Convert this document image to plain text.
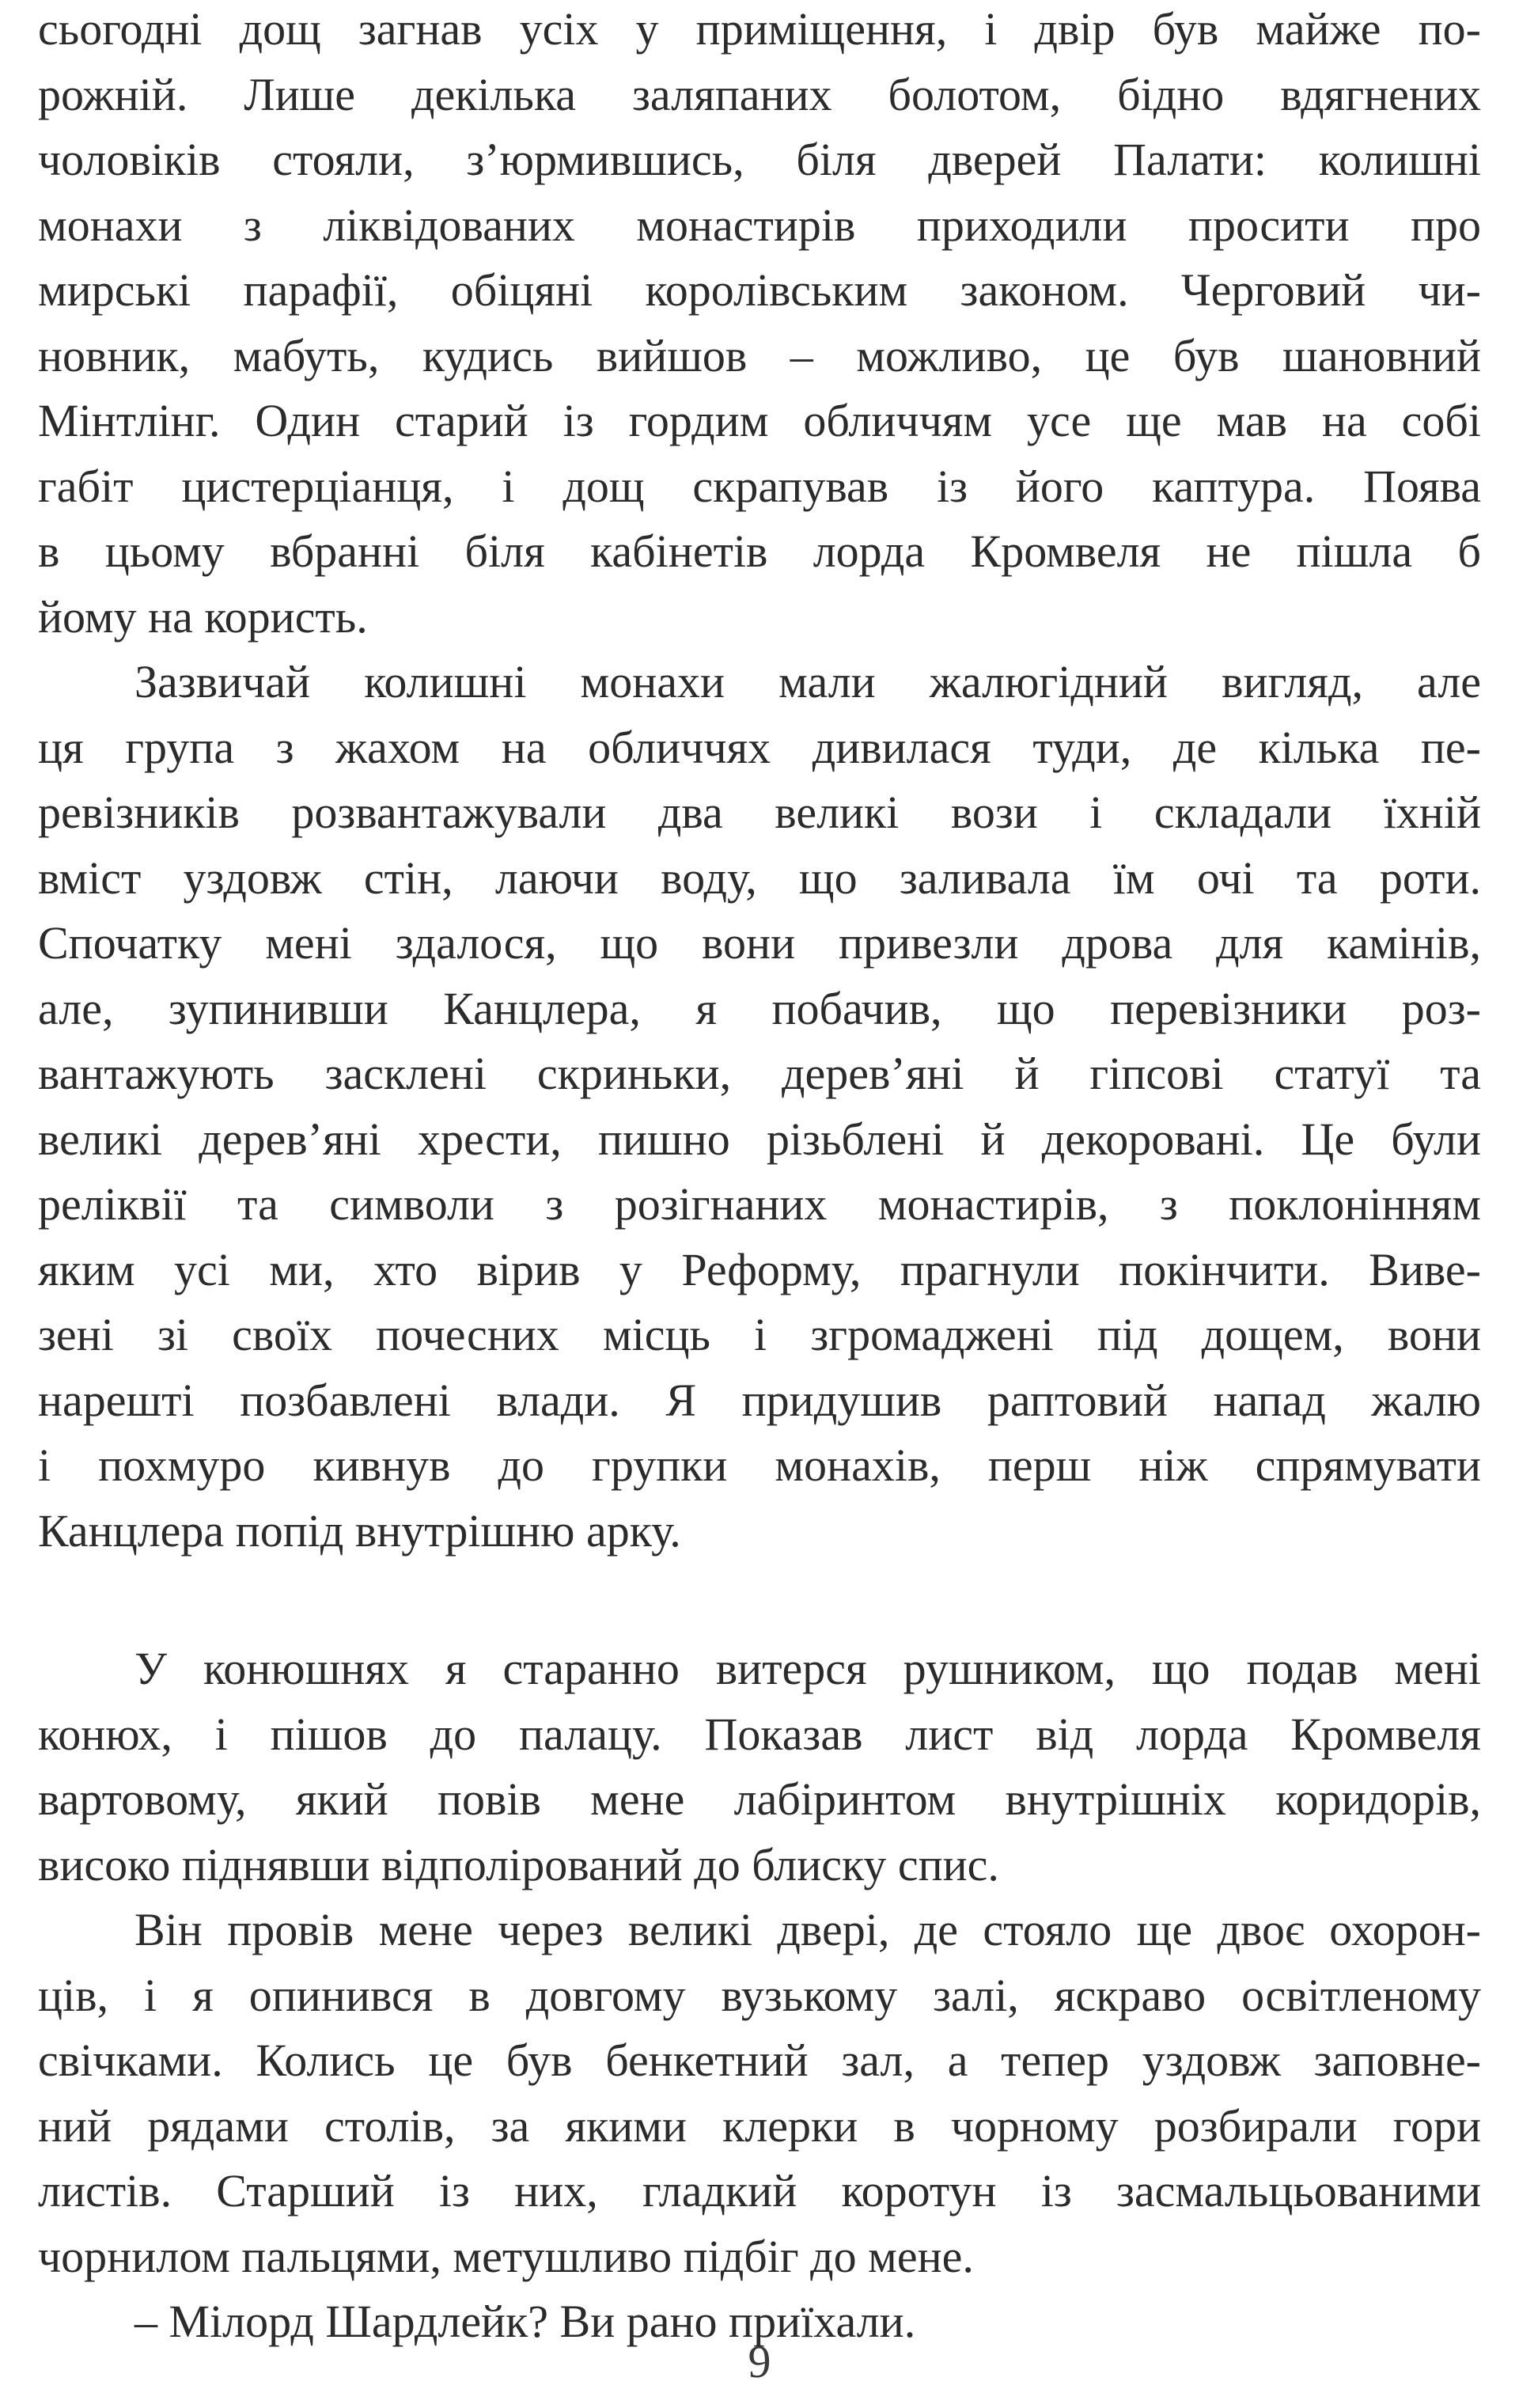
сьогодні дощ загнав усіх у приміщення, і двір був майже по-
рожній. Лише декілька заляпаних болотом, бідно вдягнених
чоловіків стояли, з’юрмившись, біля дверей Палати: колишні
монахи з ліквідованих монастирів приходили просити про
мирські парафії, обіцяні королівським законом. Черговий чи-
новник, мабуть, кудись вийшов – можливо, це був шановний
Мінтлінг. Один старий із гордим обличчям усе ще мав на собі
габіт цистерціанця, і дощ скрапував із його каптура. Поява
в цьому вбранні біля кабінетів лорда Кромвеля не пішла б
йому на користь.
Зазвичай колишні монахи мали жалюгідний вигляд, але
ця група з жахом на обличчях дивилася туди, де кілька пе-
ревізників розвантажували два великі вози і складали їхній
вміст уздовж стін, лаючи воду, що заливала їм очі та роти.
Спочатку мені здалося, що вони привезли дрова для камінів,
але, зупинивши Канцлера, я побачив, що перевізники роз-
вантажують засклені скриньки, дерев’яні й гіпсові статуї та
великі дерев’яні хрести, пишно різьблені й декоровані. Це були
реліквії та символи з розігнаних монастирів, з поклонінням
яким усі ми, хто вірив у Реформу, прагнули покінчити. Виве-
зені зі своїх почесних місць і згромаджені під дощем, вони
нарешті позбавлені влади. Я придушив раптовий напад жалю
і похмуро кивнув до групки монахів, перш ніж спрямувати
Канцлера попід внутрішню арку.
У конюшнях я старанно витерся рушником, що подав мені
конюх, і пішов до палацу. Показав лист від лорда Кромвеля
вартовому, який повів мене лабіринтом внутрішніх коридорів,
високо піднявши відполірований до блиску спис.
Він провів мене через великі двері, де стояло ще двоє охорон-
ців, і я опинився в довгому вузькому залі, яскраво освітленому
свічками. Колись це був бенкетний зал, а тепер уздовж заповне-
ний рядами столів, за якими клерки в чорному розбирали гори
листів. Старший із них, гладкий коротун із засмальцьованими
чорнилом пальцями, метушливо підбіг до мене.
– Мілорд Шардлейк? Ви рано приїхали.
9
